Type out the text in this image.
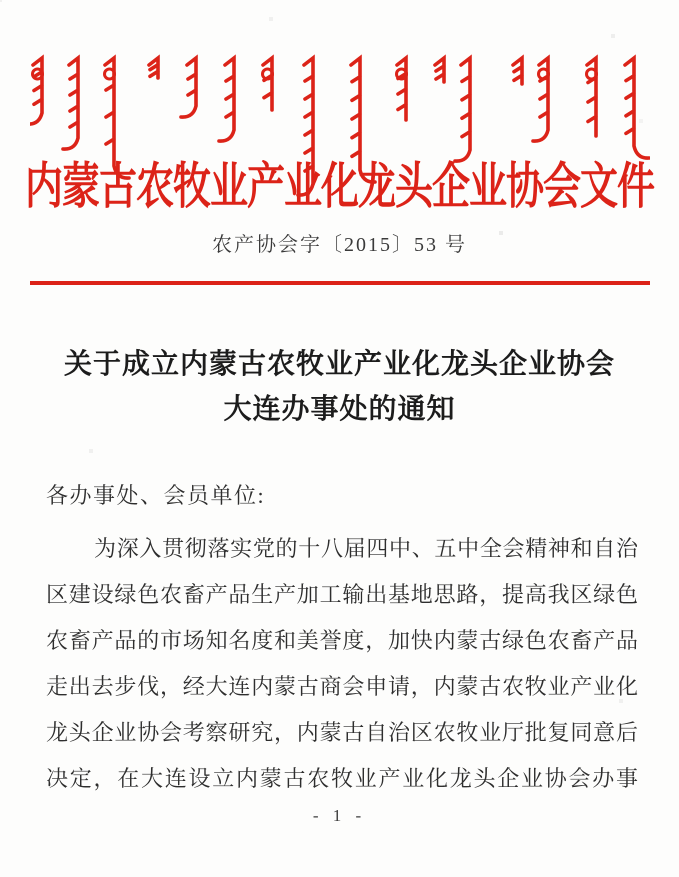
内蒙古农牧业产业化龙头企业协会文件
农产协会字〔2015〕53 号
关于成立内蒙古农牧业产业化龙头企业协会
大连办事处的通知
各办事处、会员单位:
为深入贯彻落实党的十八届四中、五中全会精神和自治
区建设绿色农畜产品生产加工输出基地思路，提高我区绿色
农畜产品的市场知名度和美誉度，加快内蒙古绿色农畜产品
走出去步伐，经大连内蒙古商会申请，内蒙古农牧业产业化
龙头企业协会考察研究，内蒙古自治区农牧业厅批复同意后
决定，在大连设立内蒙古农牧业产业化龙头企业协会办事
- 1 -
